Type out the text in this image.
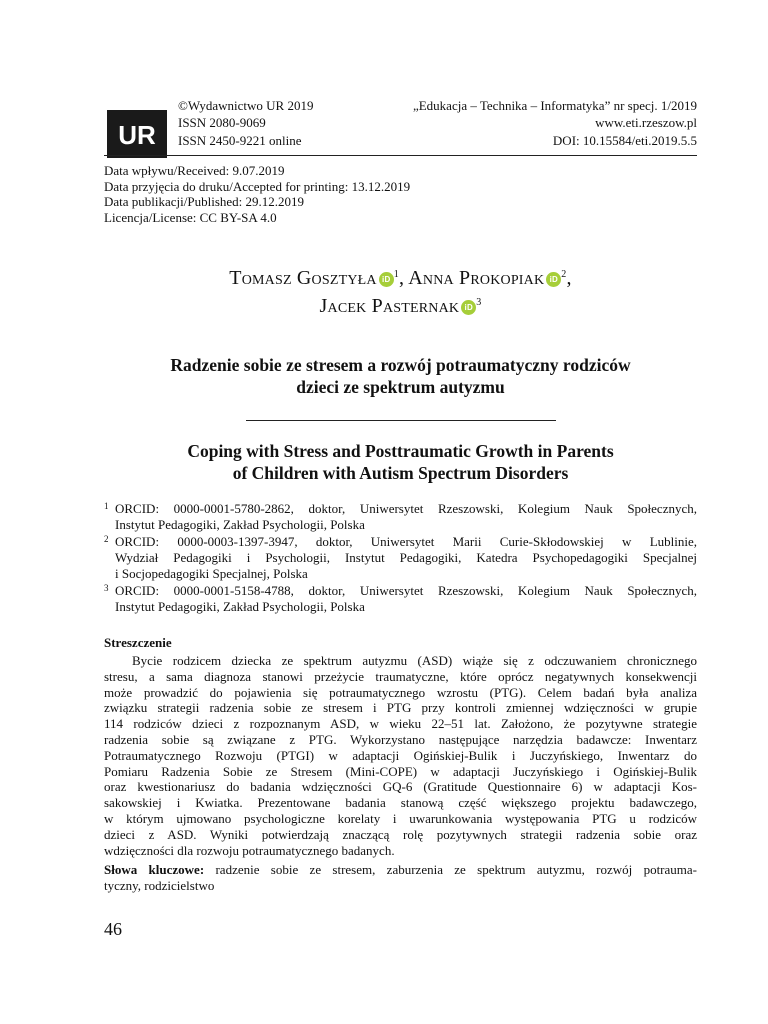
UR
©Wydawnictwo UR 2019
ISSN 2080-9069
ISSN 2450-9221 online
„Edukacja – Technika – Informatyka” nr specj. 1/2019
www.eti.rzeszow.pl
DOI: 10.15584/eti.2019.5.5
Data wpływu/Received: 9.07.2019
Data przyjęcia do druku/Accepted for printing: 13.12.2019
Data publikacji/Published: 29.12.2019
Licencja/License: CC BY-SA 4.0
Tomasz Gosztyła iD $^1$, Anna Prokopiak iD $^2$,
Jacek Pasternak iD $^3$
Radzenie sobie ze stresem a rozwój potraumatyczny rodziców
dzieci ze spektrum autyzmu
Coping with Stress and Posttraumatic Growth in Parents
of Children with Autism Spectrum Disorders
1 ORCID: 0000-0001-5780-2862, doktor, Uniwersytet Rzeszowski, Kolegium Nauk Społecznych,
Instytut Pedagogiki, Zakład Psychologii, Polska
2 ORCID: 0000-0003-1397-3947, doktor, Uniwersytet Marii Curie-Skłodowskiej w Lublinie,
Wydział Pedagogiki i Psychologii, Instytut Pedagogiki, Katedra Psychopedagogiki Specjalnej
i Socjopedagogiki Specjalnej, Polska
3 ORCID: 0000-0001-5158-4788, doktor, Uniwersytet Rzeszowski, Kolegium Nauk Społecznych,
Instytut Pedagogiki, Zakład Psychologii, Polska
Streszczenie
Bycie rodzicem dziecka ze spektrum autyzmu (ASD) wiąże się z odczuwaniem chronicznego
stresu, a sama diagnoza stanowi przeżycie traumatyczne, które oprócz negatywnych konsekwencji
może prowadzić do pojawienia się potraumatycznego wzrostu (PTG). Celem badań była analiza
związku strategii radzenia sobie ze stresem i PTG przy kontroli zmiennej wdzięczności w grupie
114 rodziców dzieci z rozpoznanym ASD, w wieku 22–51 lat. Założono, że pozytywne strategie
radzenia sobie są związane z PTG. Wykorzystano następujące narzędzia badawcze: Inwentarz
Potraumatycznego Rozwoju (PTGI) w adaptacji Ogińskiej-Bulik i Juczyńskiego, Inwentarz do
Pomiaru Radzenia Sobie ze Stresem (Mini-COPE) w adaptacji Juczyńskiego i Ogińskiej-Bulik
oraz kwestionariusz do badania wdzięczności GQ-6 (Gratitude Questionnaire 6) w adaptacji Kos-
sakowskiej i Kwiatka. Prezentowane badania stanową część większego projektu badawczego,
w którym ujmowano psychologiczne korelaty i uwarunkowania występowania PTG u rodziców
dzieci z ASD. Wyniki potwierdzają znaczącą rolę pozytywnych strategii radzenia sobie oraz
wdzięczności dla rozwoju potraumatycznego badanych.
Słowa kluczowe: radzenie sobie ze stresem, zaburzenia ze spektrum autyzmu, rozwój potrauma-
tyczny, rodzicielstwo
46
